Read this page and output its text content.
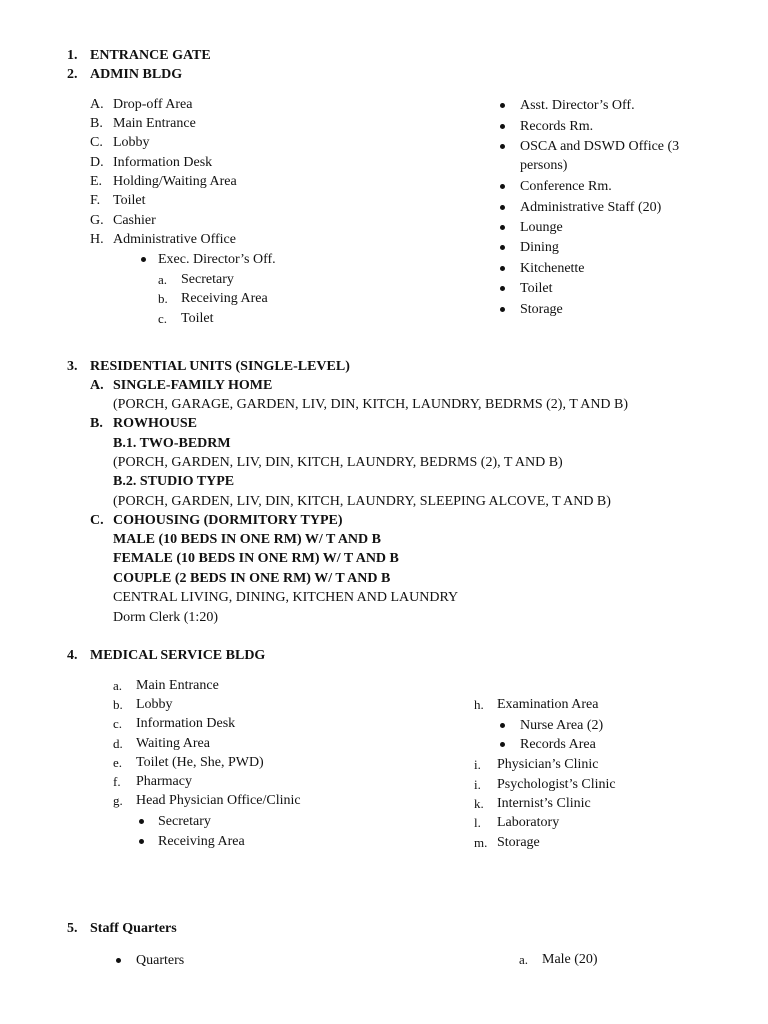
1. ENTRANCE GATE
2. ADMIN BLDG
A. Drop-off Area
B. Main Entrance
C. Lobby
D. Information Desk
E. Holding/Waiting Area
F. Toilet
G. Cashier
H. Administrative Office
Exec. Director’s Off.
a. Secretary
b. Receiving Area
c. Toilet
Asst. Director’s Off.
Records Rm.
OSCA and DSWD Office (3
persons)
Conference Rm.
Administrative Staff (20)
Lounge
Dining
Kitchenette
Toilet
Storage
3. RESIDENTIAL UNITS (SINGLE-LEVEL)
A. SINGLE-FAMILY HOME
(PORCH, GARAGE, GARDEN, LIV, DIN, KITCH, LAUNDRY, BEDRMS (2), T AND B)
B. ROWHOUSE
B.1. TWO-BEDRM
(PORCH, GARDEN, LIV, DIN, KITCH, LAUNDRY, BEDRMS (2), T AND B)
B.2. STUDIO TYPE
(PORCH, GARDEN, LIV, DIN, KITCH, LAUNDRY, SLEEPING ALCOVE, T AND B)
C. COHOUSING (DORMITORY TYPE)
MALE (10 BEDS IN ONE RM) W/ T AND B
FEMALE (10 BEDS IN ONE RM) W/ T AND B
COUPLE (2 BEDS IN ONE RM) W/ T AND B
CENTRAL LIVING, DINING, KITCHEN AND LAUNDRY
Dorm Clerk (1:20)
4. MEDICAL SERVICE BLDG
a. Main Entrance
b. Lobby
c. Information Desk
d. Waiting Area
e. Toilet (He, She, PWD)
f. Pharmacy
g. Head Physician Office/Clinic
Secretary
Receiving Area
h. Examination Area
Nurse Area (2)
Records Area
i. Physician’s Clinic
i. Psychologist’s Clinic
k. Internist’s Clinic
l. Laboratory
m. Storage
5. Staff Quarters
Quarters	a. Male (20)
